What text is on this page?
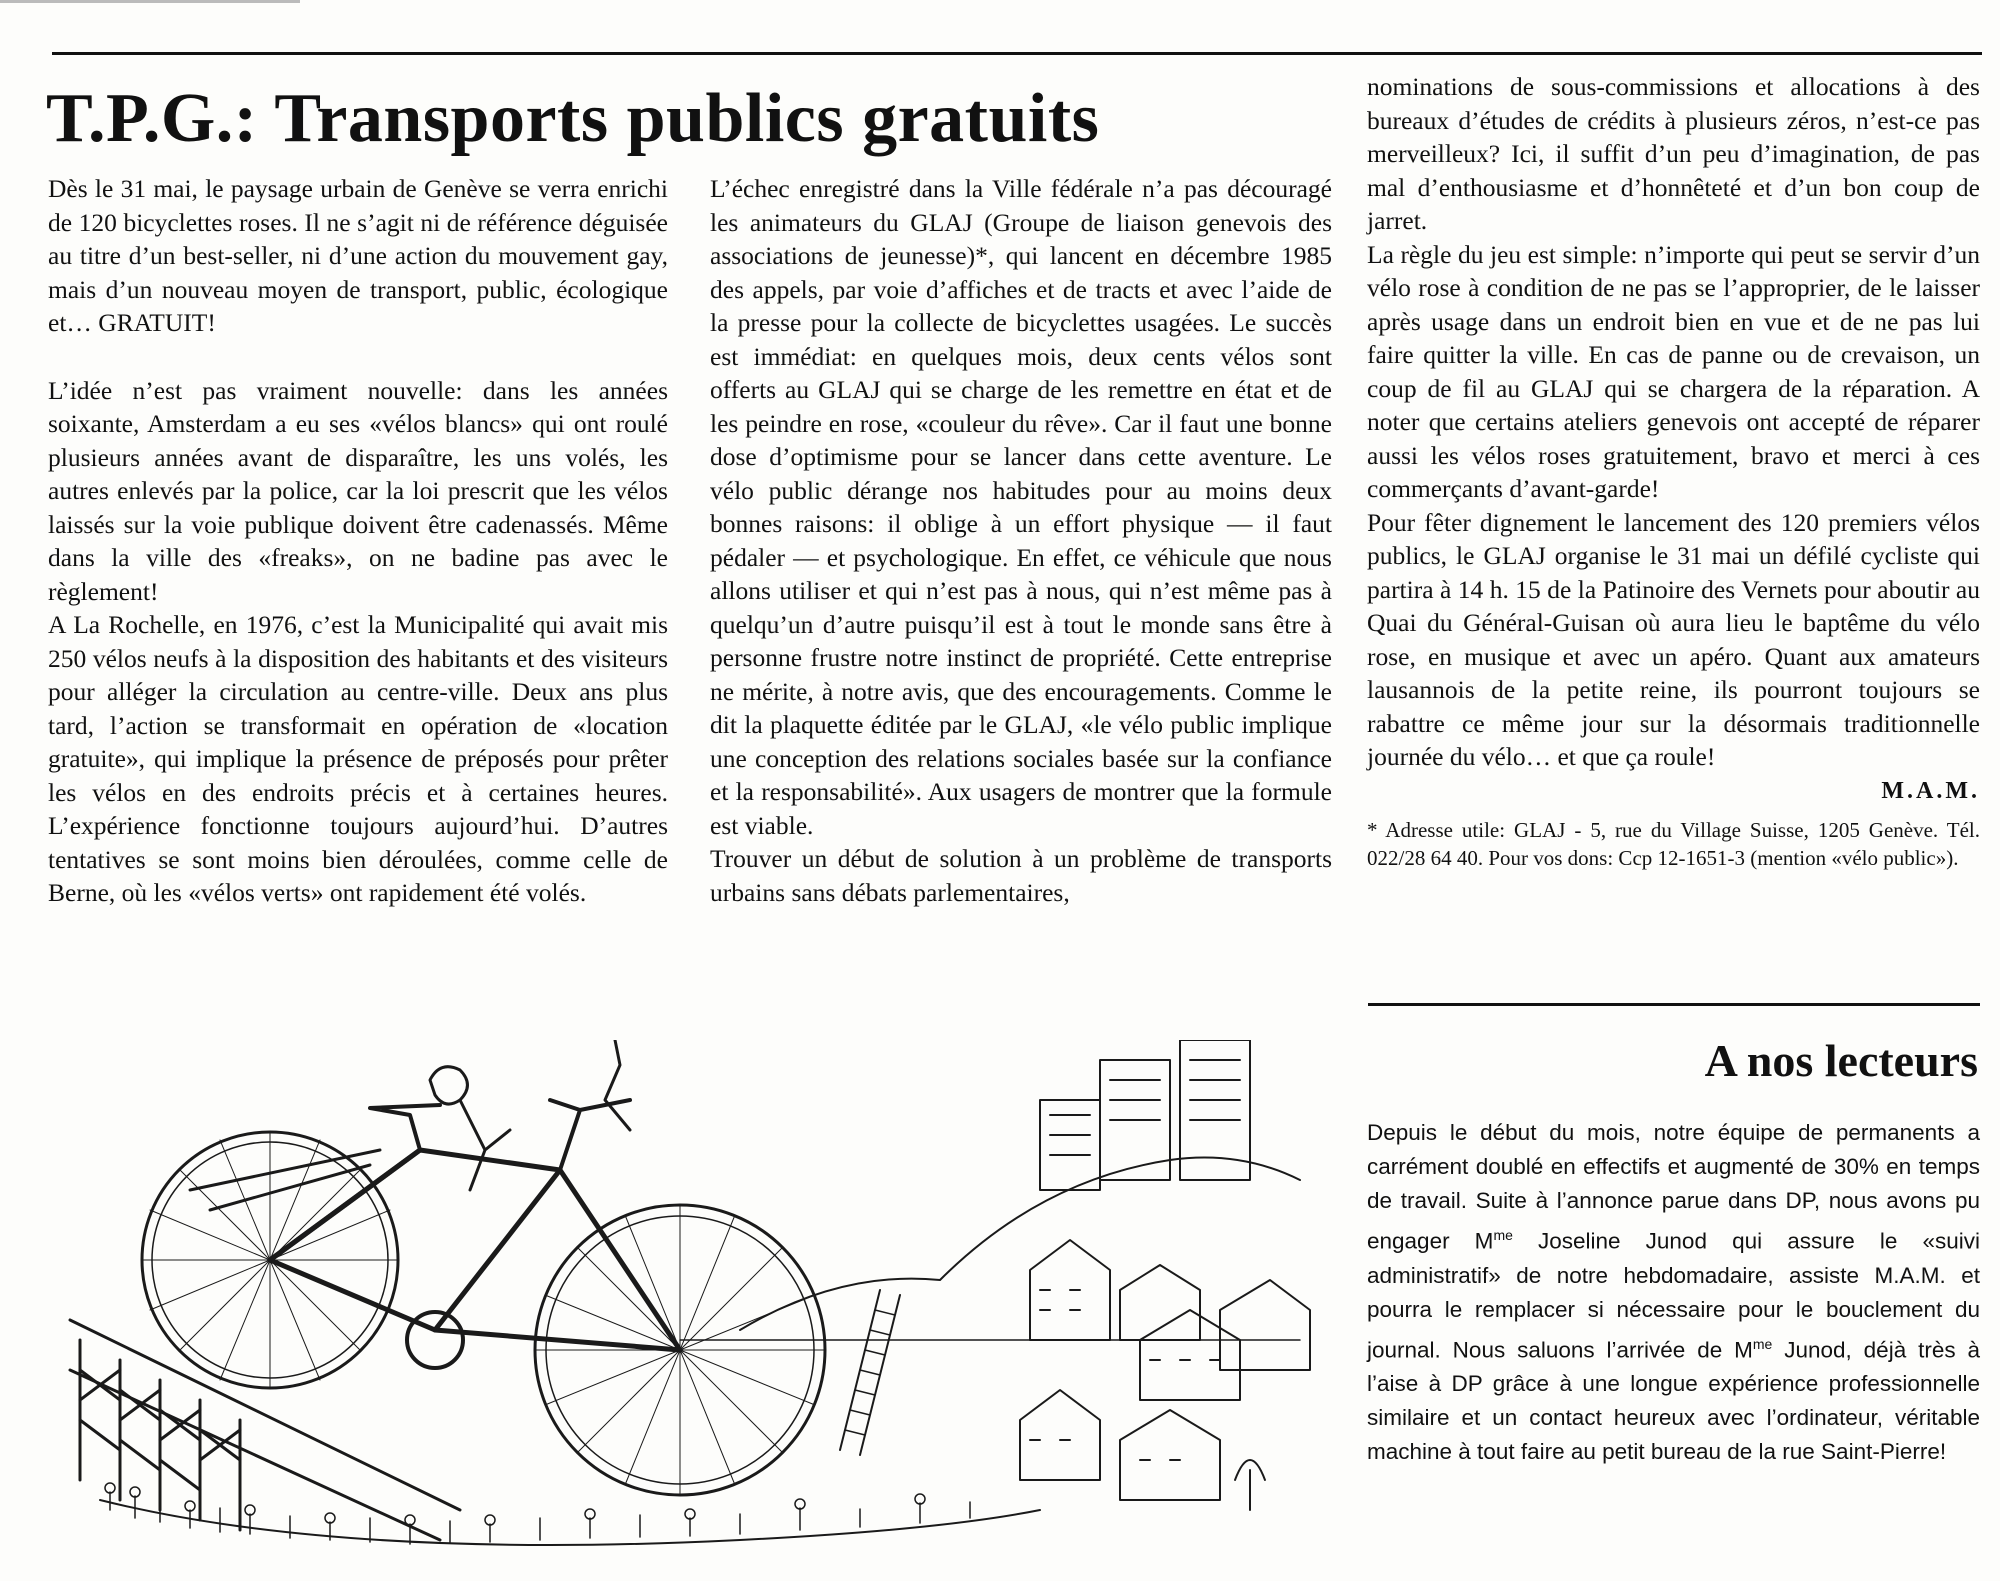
T.P.G.: Transports publics gratuits

Dès le 31 mai, le paysage urbain de Genève se verra enrichi de 120 bicyclettes roses. Il ne s’agit ni de référence déguisée au titre d’un best-seller, ni d’une action du mouvement gay, mais d’un nouveau moyen de transport, public, écologique et… GRATUIT!

L’idée n’est pas vraiment nouvelle: dans les années soixante, Amsterdam a eu ses «vélos blancs» qui ont roulé plusieurs années avant de disparaître, les uns volés, les autres enlevés par la police, car la loi prescrit que les vélos laissés sur la voie publique doivent être cadenassés. Même dans la ville des «freaks», on ne badine pas avec le règlement!

A La Rochelle, en 1976, c’est la Municipalité qui avait mis 250 vélos neufs à la disposition des habitants et des visiteurs pour alléger la circulation au centre-ville. Deux ans plus tard, l’action se transformait en opération de «location gratuite», qui implique la présence de préposés pour prêter les vélos en des endroits précis et à certaines heures. L’expérience fonctionne toujours aujourd’hui. D’autres tentatives se sont moins bien déroulées, comme celle de Berne, où les «vélos verts» ont rapidement été volés.

L’échec enregistré dans la Ville fédérale n’a pas découragé les animateurs du GLAJ (Groupe de liaison genevois des associations de jeunesse)*, qui lancent en décembre 1985 des appels, par voie d’affiches et de tracts et avec l’aide de la presse pour la collecte de bicyclettes usagées. Le succès est immédiat: en quelques mois, deux cents vélos sont offerts au GLAJ qui se charge de les remettre en état et de les peindre en rose, «couleur du rêve». Car il faut une bonne dose d’optimisme pour se lancer dans cette aventure. Le vélo public dérange nos habitudes pour au moins deux bonnes raisons: il oblige à un effort physique — il faut pédaler — et psychologique. En effet, ce véhicule que nous allons utiliser et qui n’est pas à nous, qui n’est même pas à quelqu’un d’autre puisqu’il est à tout le monde sans être à personne frustre notre instinct de propriété. Cette entreprise ne mérite, à notre avis, que des encouragements. Comme le dit la plaquette éditée par le GLAJ, «le vélo public implique une conception des relations sociales basée sur la confiance et la responsabilité». Aux usagers de montrer que la formule est viable.

Trouver un début de solution à un problème de transports urbains sans débats parlementaires,

nominations de sous-commissions et allocations à des bureaux d’études de crédits à plusieurs zéros, n’est-ce pas merveilleux? Ici, il suffit d’un peu d’imagination, de pas mal d’enthousiasme et d’honnêteté et d’un bon coup de jarret.

La règle du jeu est simple: n’importe qui peut se servir d’un vélo rose à condition de ne pas se l’approprier, de le laisser après usage dans un endroit bien en vue et de ne pas lui faire quitter la ville. En cas de panne ou de crevaison, un coup de fil au GLAJ qui se chargera de la réparation. A noter que certains ateliers genevois ont accepté de réparer aussi les vélos roses gratuitement, bravo et merci à ces commerçants d’avant-garde!

Pour fêter dignement le lancement des 120 premiers vélos publics, le GLAJ organise le 31 mai un défilé cycliste qui partira à 14 h. 15 de la Patinoire des Vernets pour aboutir au Quai du Général-Guisan où aura lieu le baptême du vélo rose, en musique et avec un apéro. Quant aux amateurs lausannois de la petite reine, ils pourront toujours se rabattre ce même jour sur la désormais traditionnelle journée du vélo… et que ça roule!

M.A.M.

* Adresse utile: GLAJ - 5, rue du Village Suisse, 1205 Genève. Tél. 022/28 64 40. Pour vos dons: Ccp 12-1651-3 (mention «vélo public»).

A nos lecteurs

Depuis le début du mois, notre équipe de permanents a carrément doublé en effectifs et augmenté de 30% en temps de travail. Suite à l’annonce parue dans DP, nous avons pu engager $M^{me}$ Joseline Junod qui assure le «suivi administratif» de notre hebdomadaire, assiste M.A.M. et pourra le remplacer si nécessaire pour le bouclement du journal. Nous saluons l’arrivée de $M^{me}$ Junod, déjà très à l’aise à DP grâce à une longue expérience professionnelle similaire et un contact heureux avec l’ordinateur, véritable machine à tout faire au petit bureau de la rue Saint-Pierre!
